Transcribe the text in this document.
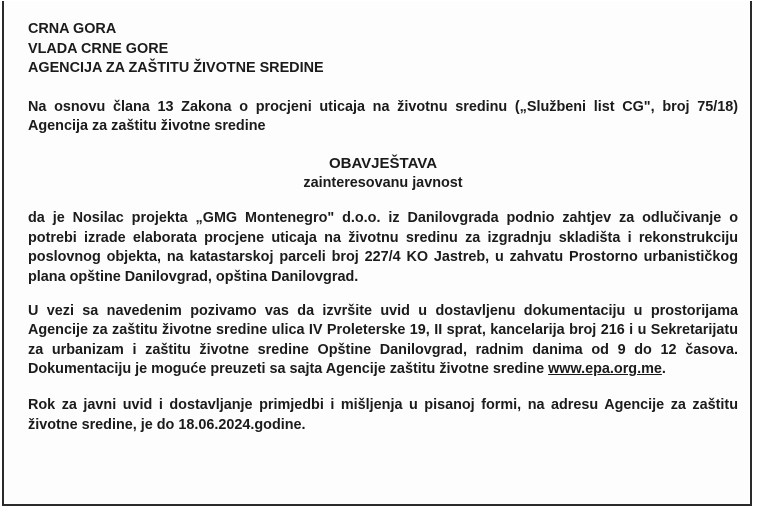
CRNA GORA
VLADA CRNE GORE
AGENCIJA ZA ZAŠTITU ŽIVOTNE SREDINE

Na osnovu člana 13 Zakona o procjeni uticaja na životnu sredinu („Službeni list CG", broj 75/18) Agencija za zaštitu životne sredine

OBAVJEŠTAVA

zainteresovanu javnost

da je Nosilac projekta „GMG Montenegro" d.o.o. iz Danilovgrada podnio zahtjev za odlučivanje o potrebi izrade elaborata procjene uticaja na životnu sredinu za izgradnju skladišta i rekonstrukciju poslovnog objekta, na katastarskoj parceli broj 227/4 KO Jastreb, u zahvatu Prostorno urbanističkog plana opštine Danilovgrad, opština Danilovgrad.

U vezi sa navedenim pozivamo vas da izvršite uvid u dostavljenu dokumentaciju u prostorijama Agencije za zaštitu životne sredine ulica IV Proleterske 19, II sprat, kancelarija broj 216 i u Sekretarijatu za urbanizam i zaštitu životne sredine Opštine Danilovgrad, radnim danima od 9 do 12 časova. Dokumentaciju je moguće preuzeti sa sajta Agencije zaštitu životne sredine www.epa.org.me.

Rok za javni uvid i dostavljanje primjedbi i mišljenja u pisanoj formi, na adresu Agencije za zaštitu životne sredine, je do 18.06.2024.godine.
